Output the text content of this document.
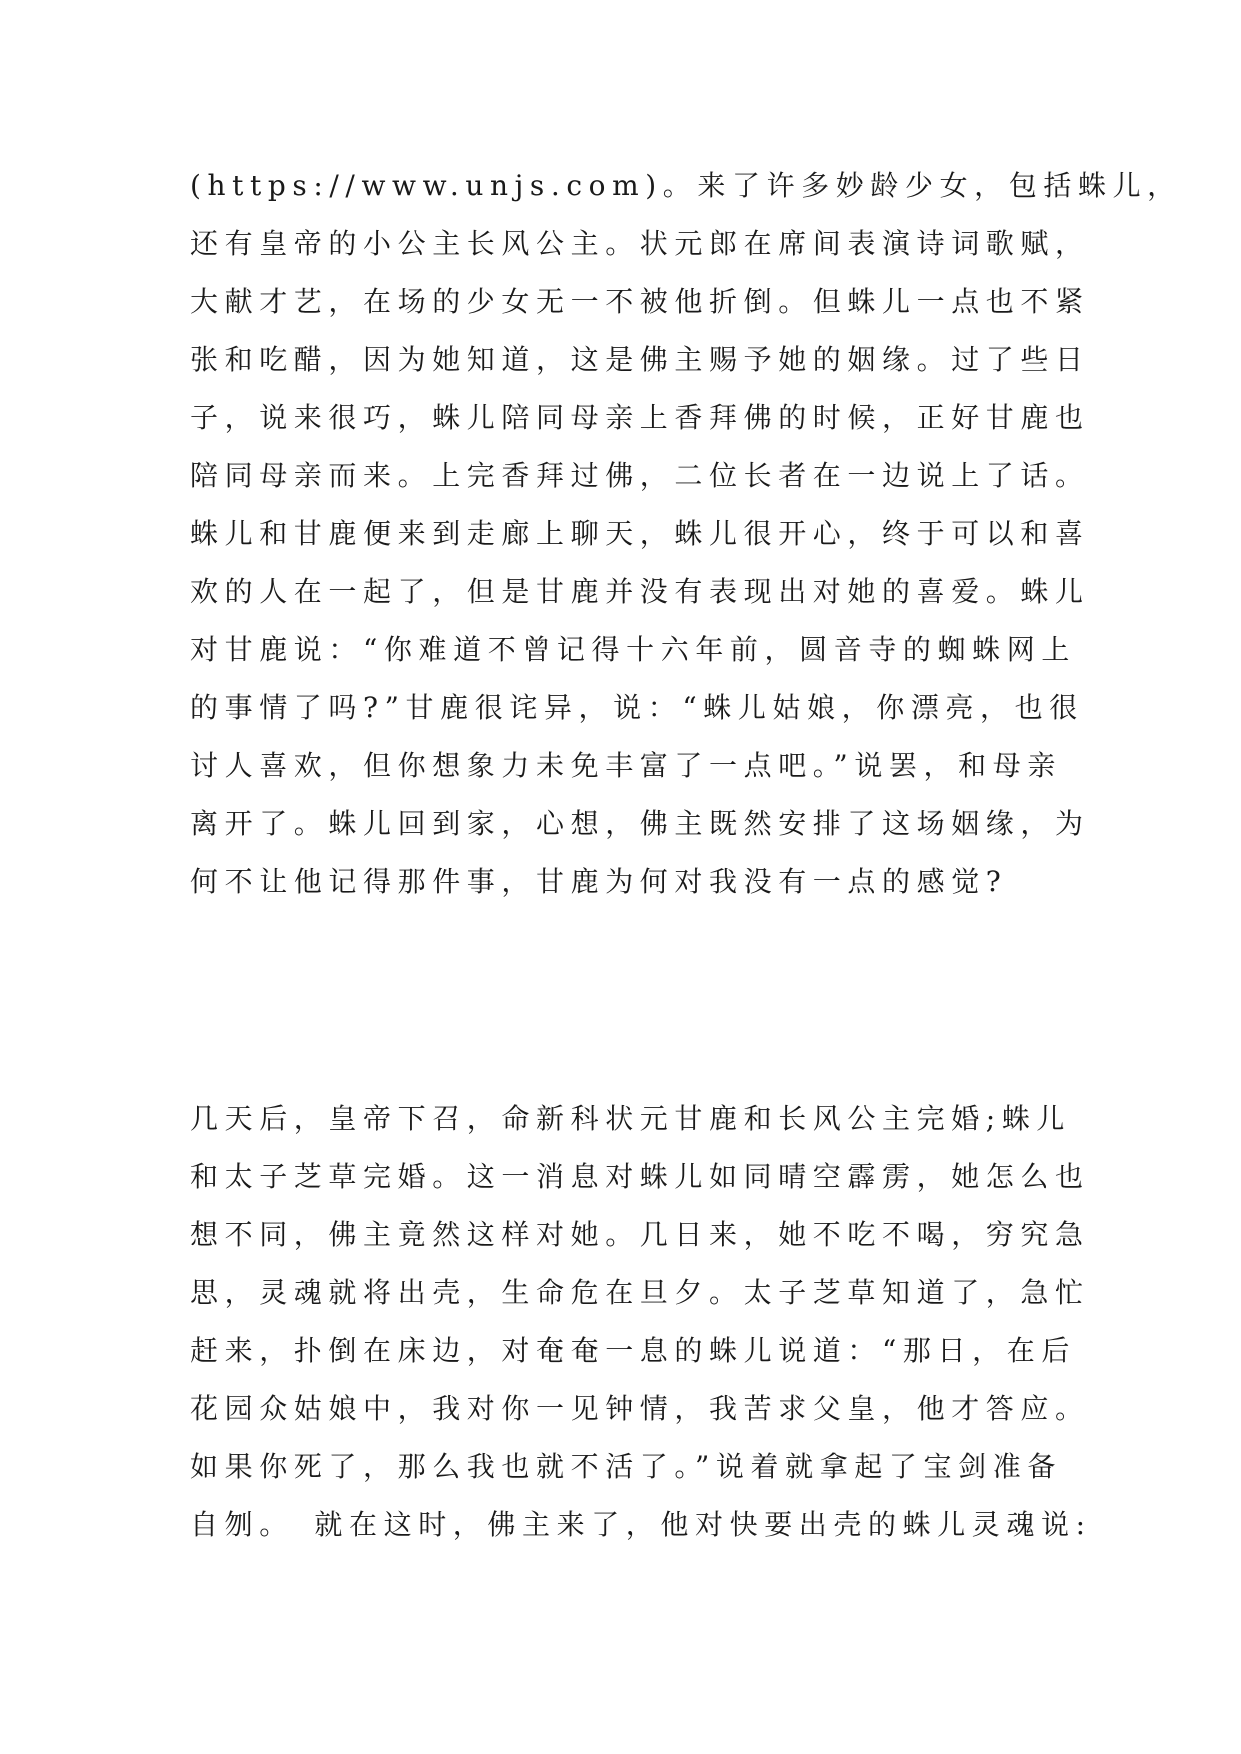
(https://www.unjs.com)。来了许多妙龄少女，包括蛛儿，
还有皇帝的小公主长风公主。状元郎在席间表演诗词歌赋，
大献才艺，在场的少女无一不被他折倒。但蛛儿一点也不紧
张和吃醋，因为她知道，这是佛主赐予她的姻缘。过了些日
子，说来很巧，蛛儿陪同母亲上香拜佛的时候，正好甘鹿也
陪同母亲而来。上完香拜过佛，二位长者在一边说上了话。
蛛儿和甘鹿便来到走廊上聊天，蛛儿很开心，终于可以和喜
欢的人在一起了，但是甘鹿并没有表现出对她的喜爱。蛛儿
对甘鹿说：“你难道不曾记得十六年前，圆音寺的蜘蛛网上
的事情了吗?”甘鹿很诧异，说：“蛛儿姑娘，你漂亮，也很
讨人喜欢，但你想象力未免丰富了一点吧。”说罢，和母亲
离开了。蛛儿回到家，心想，佛主既然安排了这场姻缘，为
何不让他记得那件事，甘鹿为何对我没有一点的感觉?
几天后，皇帝下召，命新科状元甘鹿和长风公主完婚;蛛儿
和太子芝草完婚。这一消息对蛛儿如同晴空霹雳，她怎么也
想不同，佛主竟然这样对她。几日来，她不吃不喝，穷究急
思，灵魂就将出壳，生命危在旦夕。太子芝草知道了，急忙
赶来，扑倒在床边，对奄奄一息的蛛儿说道：“那日，在后
花园众姑娘中，我对你一见钟情，我苦求父皇，他才答应。
如果你死了，那么我也就不活了。”说着就拿起了宝剑准备
自刎。　就在这时，佛主来了，他对快要出壳的蛛儿灵魂说:
